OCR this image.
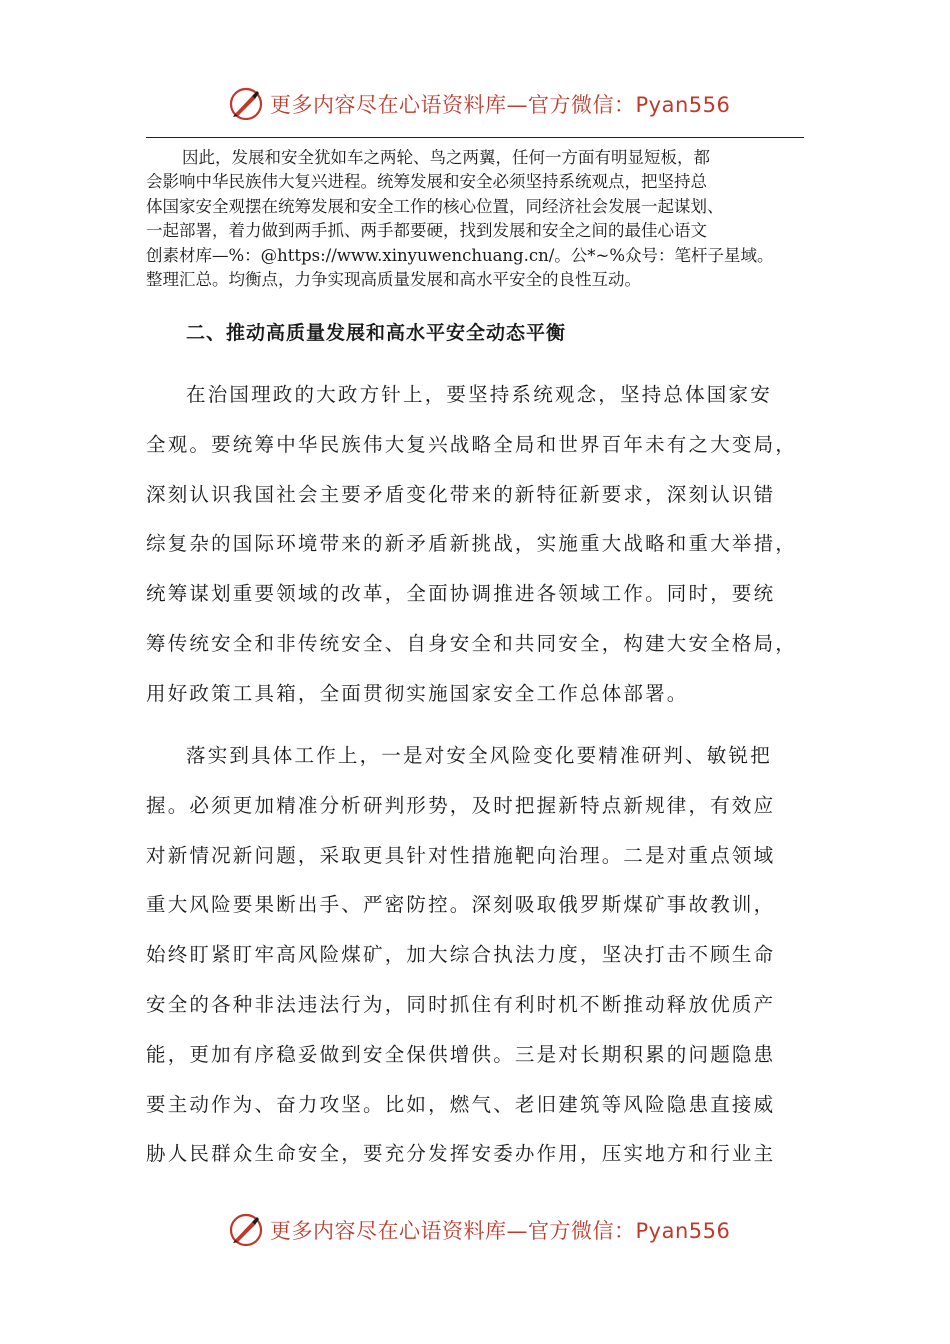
更多内容尽在心语资料库—官方微信：Pyan556
因此，发展和安全犹如车之两轮、鸟之两翼，任何一方面有明显短板，都
会影响中华民族伟大复兴进程。统筹发展和安全必须坚持系统观点，把坚持总
体国家安全观摆在统筹发展和安全工作的核心位置，同经济社会发展一起谋划、
一起部署，着力做到两手抓、两手都要硬，找到发展和安全之间的最佳心语文
创素材库—%：@https://www.xinyuwenchuang.cn/。公*~%众号：笔杆子星域。
整理汇总。均衡点，力争实现高质量发展和高水平安全的良性互动。
二、推动高质量发展和高水平安全动态平衡
在治国理政的大政方针上，要坚持系统观念，坚持总体国家安
全观。要统筹中华民族伟大复兴战略全局和世界百年未有之大变局，
深刻认识我国社会主要矛盾变化带来的新特征新要求，深刻认识错
综复杂的国际环境带来的新矛盾新挑战，实施重大战略和重大举措，
统筹谋划重要领域的改革，全面协调推进各领域工作。同时，要统
筹传统安全和非传统安全、自身安全和共同安全，构建大安全格局，
用好政策工具箱，全面贯彻实施国家安全工作总体部署。
落实到具体工作上，一是对安全风险变化要精准研判、敏锐把
握。必须更加精准分析研判形势，及时把握新特点新规律，有效应
对新情况新问题，采取更具针对性措施靶向治理。二是对重点领域
重大风险要果断出手、严密防控。深刻吸取俄罗斯煤矿事故教训，
始终盯紧盯牢高风险煤矿，加大综合执法力度，坚决打击不顾生命
安全的各种非法违法行为，同时抓住有利时机不断推动释放优质产
能，更加有序稳妥做到安全保供增供。三是对长期积累的问题隐患
要主动作为、奋力攻坚。比如，燃气、老旧建筑等风险隐患直接威
胁人民群众生命安全，要充分发挥安委办作用，压实地方和行业主
更多内容尽在心语资料库—官方微信：Pyan556
